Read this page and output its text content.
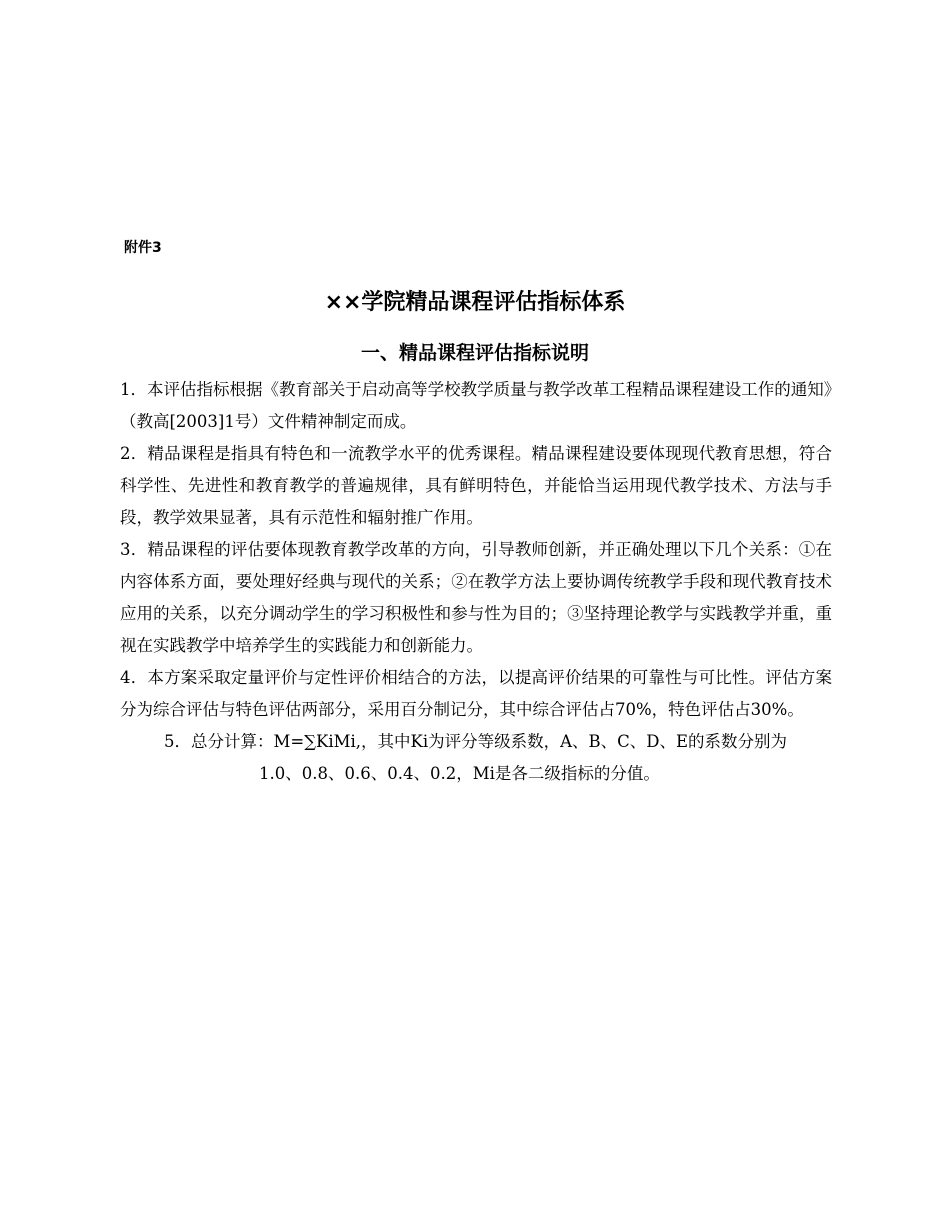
附件3
××学院精品课程评估指标体系
一、精品课程评估指标说明

1．本评估指标根据《教育部关于启动高等学校教学质量与教学改革工程精品课程建设工作的通知》（教高[2003]1号）文件精神制定而成。

2．精品课程是指具有特色和一流教学水平的优秀课程。精品课程建设要体现现代教育思想，符合科学性、先进性和教育教学的普遍规律，具有鲜明特色，并能恰当运用现代教学技术、方法与手段，教学效果显著，具有示范性和辐射推广作用。

3．精品课程的评估要体现教育教学改革的方向，引导教师创新，并正确处理以下几个关系：①在内容体系方面，要处理好经典与现代的关系；②在教学方法上要协调传统教学手段和现代教育技术应用的关系，以充分调动学生的学习积极性和参与性为目的；③坚持理论教学与实践教学并重，重视在实践教学中培养学生的实践能力和创新能力。

4．本方案采取定量评价与定性评价相结合的方法，以提高评价结果的可靠性与可比性。评估方案分为综合评估与特色评估两部分，采用百分制记分，其中综合评估占70%，特色评估占30%。

5．总分计算：M=∑KiMi,，其中Ki为评分等级系数，A、B、C、D、E的系数分别为
1.0、0.8、0.6、0.4、0.2，Mi是各二级指标的分值。
